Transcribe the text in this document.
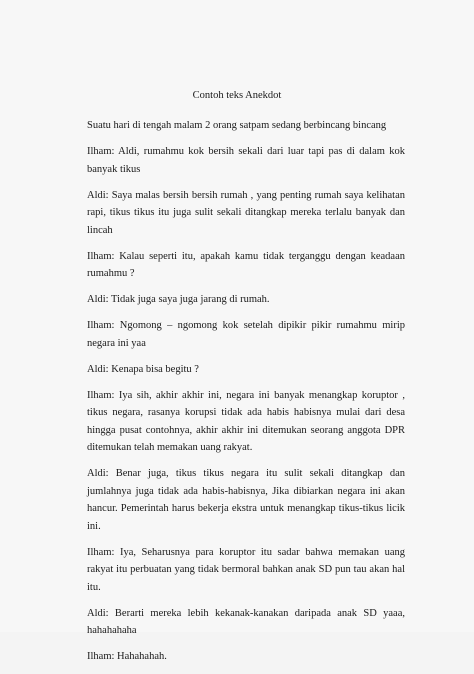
Contoh teks Anekdot

Suatu hari di tengah malam 2 orang satpam sedang berbincang bincang

Ilham: Aldi, rumahmu kok bersih sekali dari luar tapi pas di dalam kok banyak tikus

Aldi: Saya malas bersih bersih rumah , yang penting rumah saya kelihatan rapi, tikus tikus itu juga sulit sekali ditangkap mereka terlalu banyak dan lincah

Ilham: Kalau seperti itu, apakah kamu tidak terganggu dengan keadaan rumahmu ?

Aldi: Tidak juga saya juga jarang di rumah.

Ilham: Ngomong – ngomong kok setelah dipikir pikir rumahmu mirip negara ini yaa

Aldi: Kenapa bisa begitu ?

Ilham: Iya sih, akhir akhir ini, negara ini banyak menangkap koruptor , tikus negara, rasanya korupsi tidak ada habis habisnya mulai dari desa hingga pusat contohnya, akhir akhir ini ditemukan seorang anggota DPR ditemukan telah memakan uang rakyat.

Aldi: Benar juga, tikus tikus negara itu sulit sekali ditangkap dan jumlahnya juga tidak ada habis-habisnya, Jika dibiarkan negara ini akan hancur. Pemerintah harus bekerja ekstra untuk menangkap tikus-tikus licik ini.

Ilham: Iya, Seharusnya para koruptor itu sadar bahwa memakan uang rakyat itu perbuatan yang tidak bermoral bahkan anak SD pun tau akan hal itu.

Aldi: Berarti mereka lebih kekanak-kanakan daripada anak SD yaaa, hahahahaha

Ilham: Hahahahah.
